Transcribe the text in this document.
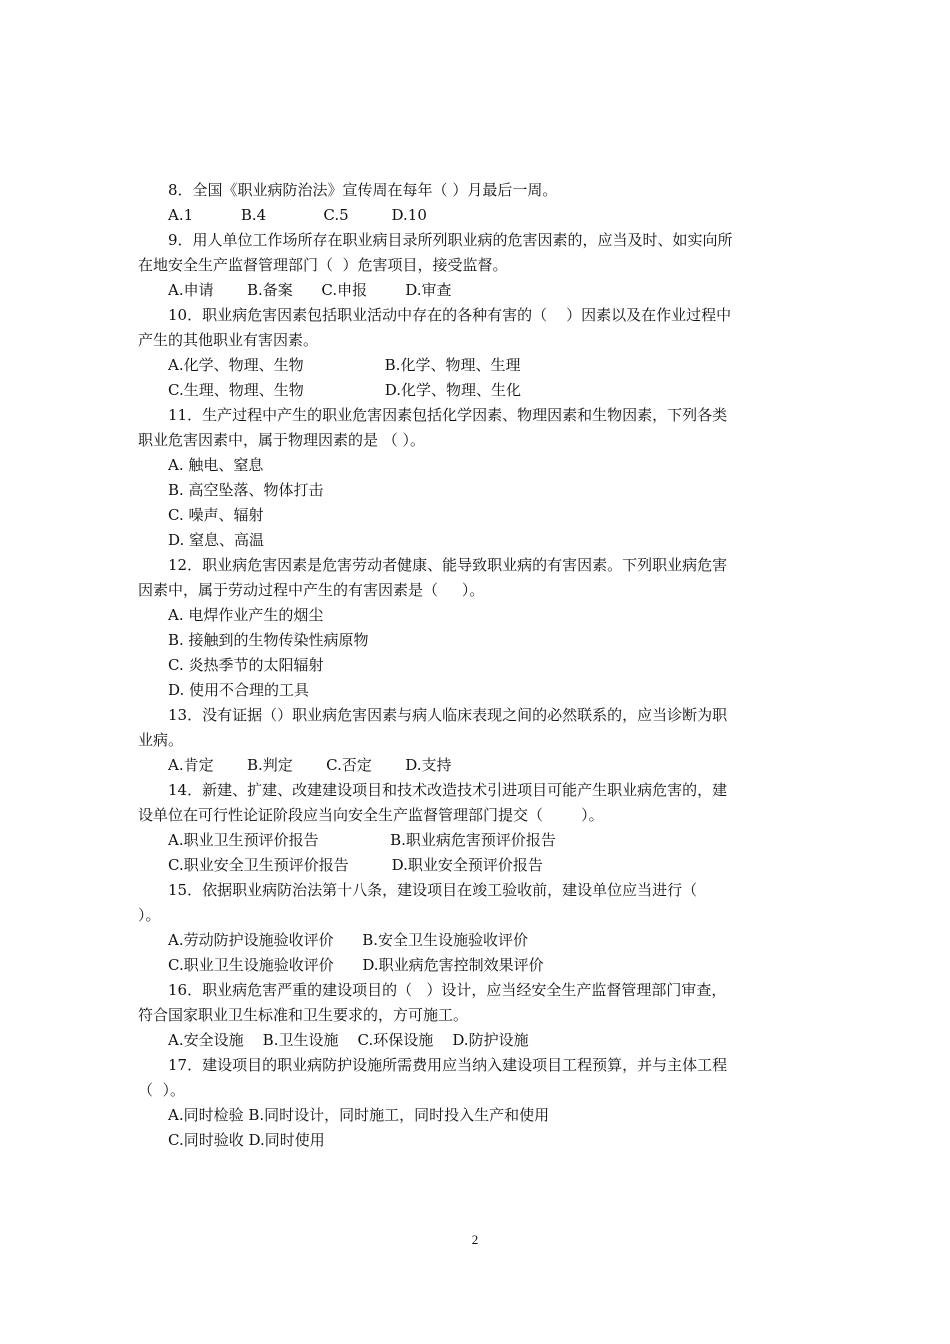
8．全国《职业病防治法》宣传周在每年（ ）月最后一周。
A.1          B.4            C.5         D.10
9．用人单位工作场所存在职业病目录所列职业病的危害因素的，应当及时、如实向所
在地安全生产监督管理部门（  ）危害项目，接受监督。
A.申请       B.备案      C.申报        D.审查
10．职业病危害因素包括职业活动中存在的各种有害的（    ）因素以及在作业过程中
产生的其他职业有害因素。
A.化学、物理、生物                 B.化学、物理、生理
C.生理、物理、生物                 D.化学、物理、生化
11．生产过程中产生的职业危害因素包括化学因素、物理因素和生物因素，下列各类
职业危害因素中，属于物理因素的是 （ ）。
A. 触电、窒息
B. 高空坠落、物体打击
C. 噪声、辐射
D. 窒息、高温
12．职业病危害因素是危害劳动者健康、能导致职业病的有害因素。下列职业病危害
因素中，属于劳动过程中产生的有害因素是（     ）。
A. 电焊作业产生的烟尘
B. 接触到的生物传染性病原物
C. 炎热季节的太阳辐射
D. 使用不合理的工具
13．没有证据（）职业病危害因素与病人临床表现之间的必然联系的，应当诊断为职
业病。
A.肯定       B.判定       C.否定       D.支持
14．新建、扩建、改建建设项目和技术改造技术引进项目可能产生职业病危害的，建
设单位在可行性论证阶段应当向安全生产监督管理部门提交（        ）。
A.职业卫生预评价报告               B.职业病危害预评价报告
C.职业安全卫生预评价报告         D.职业安全预评价报告
15．依据职业病防治法第十八条，建设项目在竣工验收前，建设单位应当进行（
）。
A.劳动防护设施验收评价      B.安全卫生设施验收评价
C.职业卫生设施验收评价      D.职业病危害控制效果评价
16．职业病危害严重的建设项目的（   ）设计，应当经安全生产监督管理部门审查，
符合国家职业卫生标准和卫生要求的，方可施工。
A.安全设施    B.卫生设施    C.环保设施    D.防护设施
17．建设项目的职业病防护设施所需费用应当纳入建设项目工程预算，并与主体工程
（  ）。
A.同时检验 B.同时设计，同时施工，同时投入生产和使用
C.同时验收 D.同时使用
2
